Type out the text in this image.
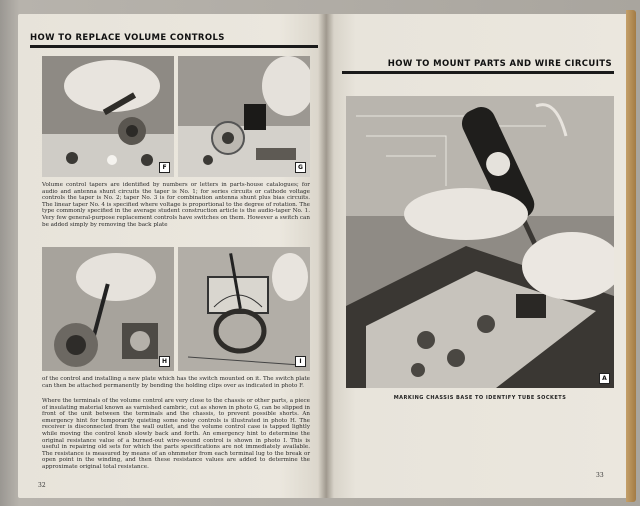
HOW TO REPLACE VOLUME CONTROLS
F	G

Volume control tapers are identified by numbers or letters in parts-house catalogues; for audio and antenna shunt circuits the taper is No. 1; for series circuits or cathode voltage controls the taper is No. 2; taper No. 3 is for combination antenna shunt plus bias circuits. The linear taper No. 4 is specified where voltage is proportional to the degree of rotation. The type commonly specified in the average student construction article is the audio-taper No. 1. Very few general-purpose replacement controls have switches on them. However a switch can be added simply by removing the back plate

H	I

of the control and installing a new plate which has the switch mounted on it. The switch plate can then be attached permanently by bending the holding clips over as indicated in photo F.

Where the terminals of the volume control are very close to the chassis or other parts, a piece of insulating material known as varnished cambric, cut as shown in photo G, can be slipped in front of the unit between the terminals and the chassis, to prevent possible shorts. An emergency hint for temporarily quieting some noisy controls is illustrated in photo H. The receiver is disconnected from the wall outlet, and the volume control case is tapped lightly while moving the control knob slowly back and forth. An emergency hint to determine the original resistance value of a burned-out wire-wound control is shown in photo I. This is useful in repairing old sets for which the parts specifications are not immediately available. The resistance is measured by means of an ohmmeter from each terminal lug to the break or open point in the winding, and then these resistance values are added to determine the approximate original total resistance.

32
HOW TO MOUNT PARTS AND WIRE CIRCUITS
A
MARKING CHASSIS BASE TO IDENTIFY TUBE SOCKETS
33
